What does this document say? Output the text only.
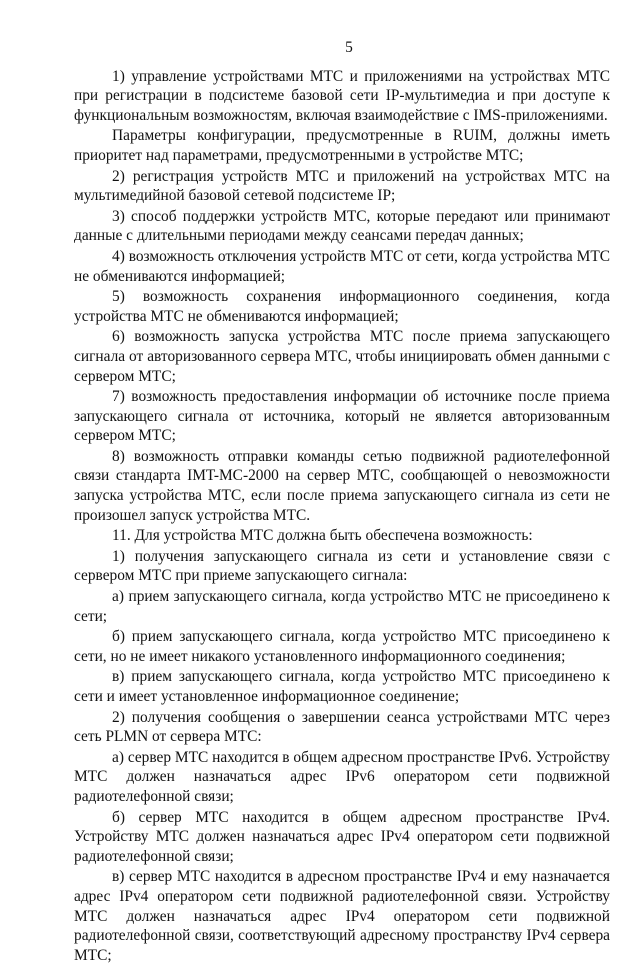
5

1) управление устройствами МТС и приложениями на устройствах МТС при регистрации в подсистеме базовой сети IP-мультимедиа и при доступе к функциональным возможностям, включая взаимодействие с IMS-приложениями.

Параметры конфигурации, предусмотренные в RUIM, должны иметь приоритет над параметрами, предусмотренными в устройстве МТС;

2) регистрация устройств МТС и приложений на устройствах МТС на мультимедийной базовой сетевой подсистеме IP;

3) способ поддержки устройств МТС, которые передают или принимают данные с длительными периодами между сеансами передач данных;

4) возможность отключения устройств МТС от сети, когда устройства МТС не обмениваются информацией;

5) возможность сохранения информационного соединения, когда устройства МТС не обмениваются информацией;

6) возможность запуска устройства МТС после приема запускающего сигнала от авторизованного сервера МТС, чтобы инициировать обмен данными с сервером МТС;

7) возможность предоставления информации об источнике после приема запускающего сигнала от источника, который не является авторизованным сервером МТС;

8) возможность отправки команды сетью подвижной радиотелефонной связи стандарта IMT-MC-2000 на сервер МТС, сообщающей о невозможности запуска устройства МТС, если после приема запускающего сигнала из сети не произошел запуск устройства МТС.

11. Для устройства МТС должна быть обеспечена возможность:

1) получения запускающего сигнала из сети и установление связи с сервером МТС при приеме запускающего сигнала:

а) прием запускающего сигнала, когда устройство МТС не присоединено к сети;

б) прием запускающего сигнала, когда устройство МТС присоединено к сети, но не имеет никакого установленного информационного соединения;

в) прием запускающего сигнала, когда устройство МТС присоединено к сети и имеет установленное информационное соединение;

2) получения сообщения о завершении сеанса устройствами МТС через сеть PLMN от сервера МТС:

а) сервер МТС находится в общем адресном пространстве IPv6. Устройству МТС должен назначаться адрес IPv6 оператором сети подвижной радиотелефонной связи;

б) сервер МТС находится в общем адресном пространстве IPv4. Устройству МТС должен назначаться адрес IPv4 оператором сети подвижной радиотелефонной связи;

в) сервер МТС находится в адресном пространстве IPv4 и ему назначается адрес IPv4 оператором сети подвижной радиотелефонной связи. Устройству МТС должен назначаться адрес IPv4 оператором сети подвижной радиотелефонной связи, соответствующий адресному пространству IPv4 сервера МТС;
